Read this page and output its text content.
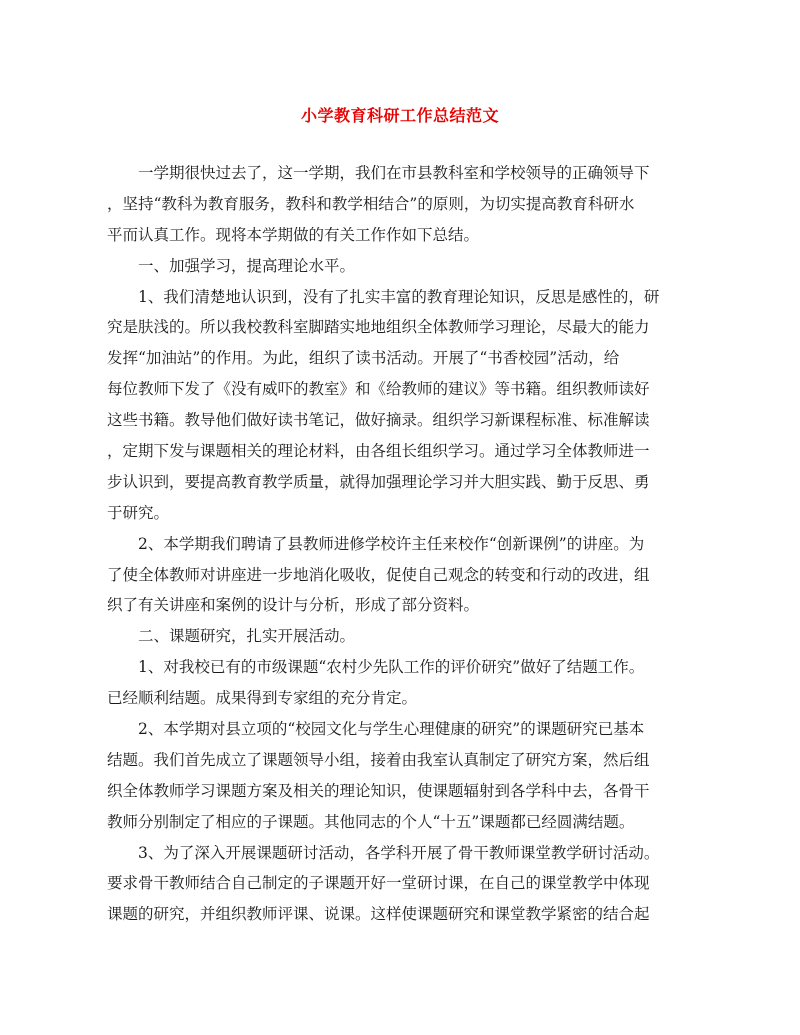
小学教育科研工作总结范文
一学期很快过去了，这一学期，我们在市县教科室和学校领导的正确领导下
，坚持“教科为教育服务，教科和教学相结合”的原则，为切实提高教育科研水
平而认真工作。现将本学期做的有关工作作如下总结。
一、加强学习，提高理论水平。
1、我们清楚地认识到，没有了扎实丰富的教育理论知识，反思是感性的，研
究是肤浅的。所以我校教科室脚踏实地地组织全体教师学习理论，尽最大的能力
发挥“加油站”的作用。为此，组织了读书活动。开展了“书香校园”活动，给
每位教师下发了《没有威吓的教室》和《给教师的建议》等书籍。组织教师读好
这些书籍。教导他们做好读书笔记，做好摘录。组织学习新课程标准、标准解读
，定期下发与课题相关的理论材料，由各组长组织学习。通过学习全体教师进一
步认识到，要提高教育教学质量，就得加强理论学习并大胆实践、勤于反思、勇
于研究。
2、本学期我们聘请了县教师进修学校许主任来校作“创新课例”的讲座。为
了使全体教师对讲座进一步地消化吸收，促使自己观念的转变和行动的改进，组
织了有关讲座和案例的设计与分析，形成了部分资料。
二、课题研究，扎实开展活动。
1、对我校已有的市级课题“农村少先队工作的评价研究”做好了结题工作。
已经顺利结题。成果得到专家组的充分肯定。
2、本学期对县立项的“校园文化与学生心理健康的研究”的课题研究已基本
结题。我们首先成立了课题领导小组，接着由我室认真制定了研究方案，然后组
织全体教师学习课题方案及相关的理论知识，使课题辐射到各学科中去，各骨干
教师分别制定了相应的子课题。其他同志的个人“十五”课题都已经圆满结题。
3、为了深入开展课题研讨活动，各学科开展了骨干教师课堂教学研讨活动。
要求骨干教师结合自己制定的子课题开好一堂研讨课，在自己的课堂教学中体现
课题的研究，并组织教师评课、说课。这样使课题研究和课堂教学紧密的结合起
